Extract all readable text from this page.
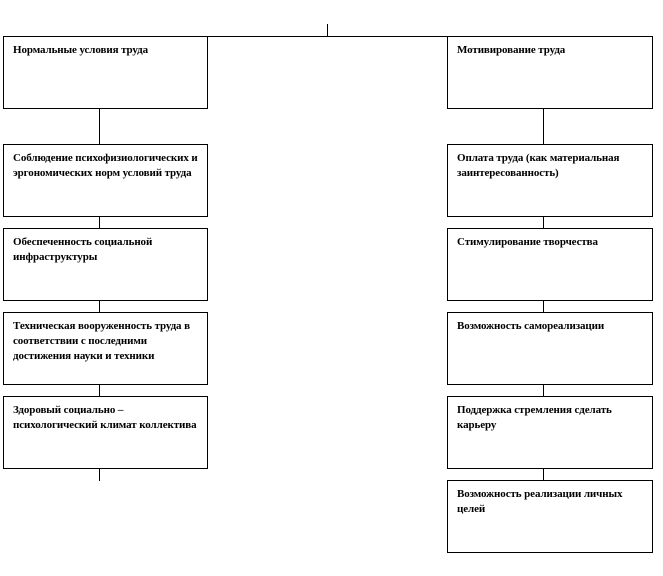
Нормальные условия труда
Соблюдение психофизиологических и эргономических норм условий труда
Обеспеченность социальной инфраструктуры
Техническая вооруженность труда в соответствии с последними достижения науки и техники
Здоровый социально – психологический климат коллектива
Мотивирование труда
Оплата труда (как материальная заинтересованность)
Стимулирование творчества
Возможность самореализации
Поддержка стремления сделать карьеру
Возможность реализации личных целей
